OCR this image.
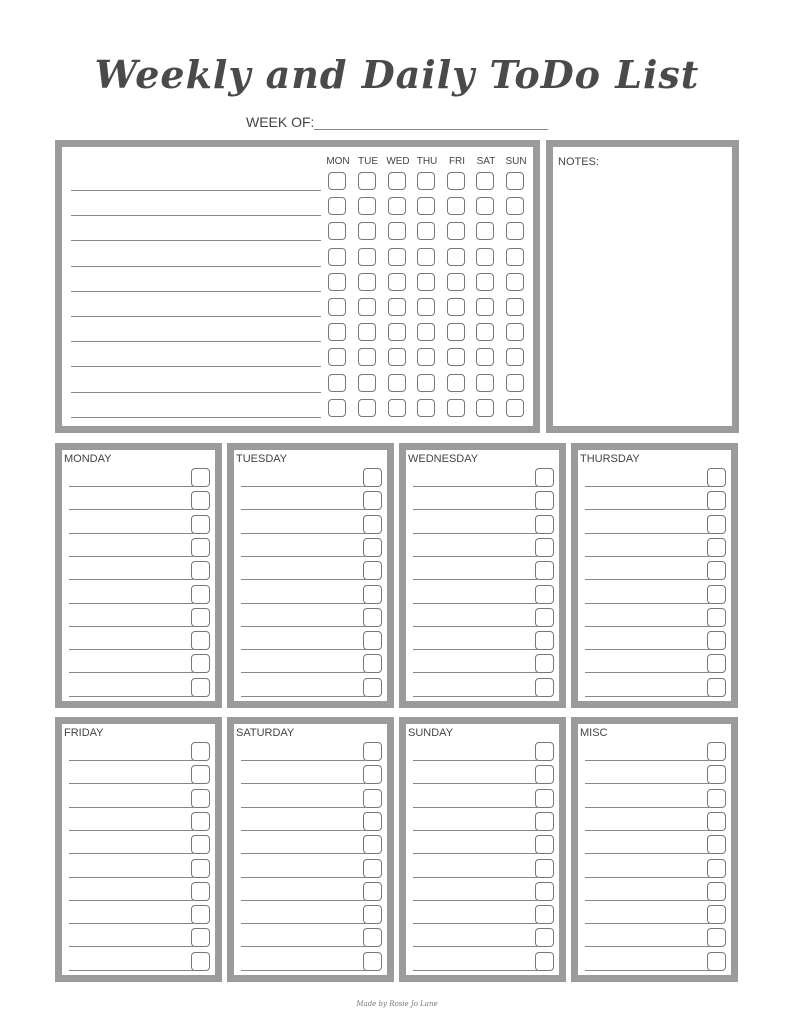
Weekly and Daily ToDo List
WEEK OF:
MON TUE WED THU	FRI	SAT	SUN	NOTES:
MONDAY	TUESDAY	WEDNESDAY	THURSDAY
FRIDAY	SATURDAY	SUNDAY	MISC
Made by Rosie Jo Lane
